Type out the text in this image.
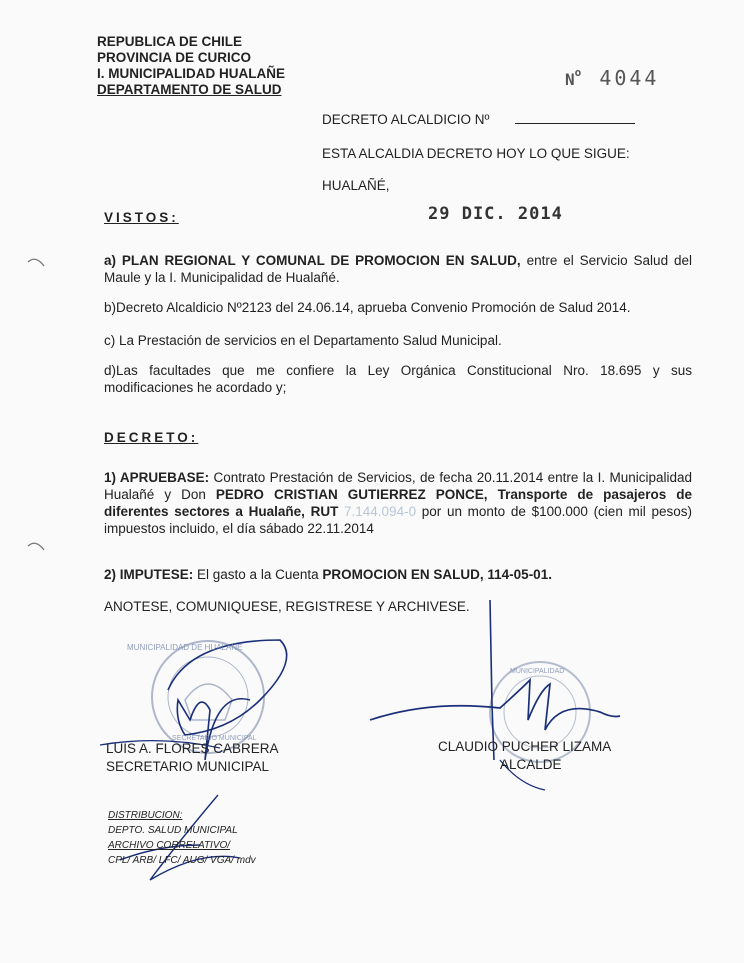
REPUBLICA DE CHILE
PROVINCIA DE CURICO
I. MUNICIPALIDAD HUALAÑE
DEPARTAMENTO DE SALUD
$N^o$ 4044
DECRETO ALCALDICIO Nº
ESTA ALCALDIA DECRETO HOY LO QUE SIGUE:
HUALAÑÉ,
VISTOS:	29 DIC. 2014
a) PLAN REGIONAL Y COMUNAL DE PROMOCION EN SALUD, entre el Servicio Salud del Maule y la I. Municipalidad de Hualañé.
b)Decreto Alcaldicio Nº2123 del 24.06.14, aprueba Convenio Promoción de Salud 2014.
c) La Prestación de servicios en el Departamento Salud Municipal.
d)Las facultades que me confiere la Ley Orgánica Constitucional Nro. 18.695 y sus modificaciones he acordado y;
DECRETO:
1) APRUEBASE: Contrato Prestación de Servicios, de fecha 20.11.2014 entre la I. Municipalidad Hualañé y Don PEDRO CRISTIAN GUTIERREZ PONCE, Transporte de pasajeros de diferentes sectores a Hualañe, RUT 7.144.094-0 por un monto de $100.000 (cien mil pesos) impuestos incluido, el día sábado 22.11.2014
2) IMPUTESE: El gasto a la Cuenta PROMOCION EN SALUD, 114-05-01.
ANOTESE, COMUNIQUESE, REGISTRESE Y ARCHIVESE.
MUNICIPALIDAD DE HUALAÑE
SECRETARIO MUNICIPAL
MUNICIPALIDAD
LUIS A. FLORES CABRERA
SECRETARIO MUNICIPAL
CLAUDIO PUCHER LIZAMA
ALCALDE
DISTRIBUCION:
DEPTO. SALUD MUNICIPAL
ARCHIVO CORRELATIVO/
CPL/ ARB/ LFC/ AUG/ VGA/ mdv
